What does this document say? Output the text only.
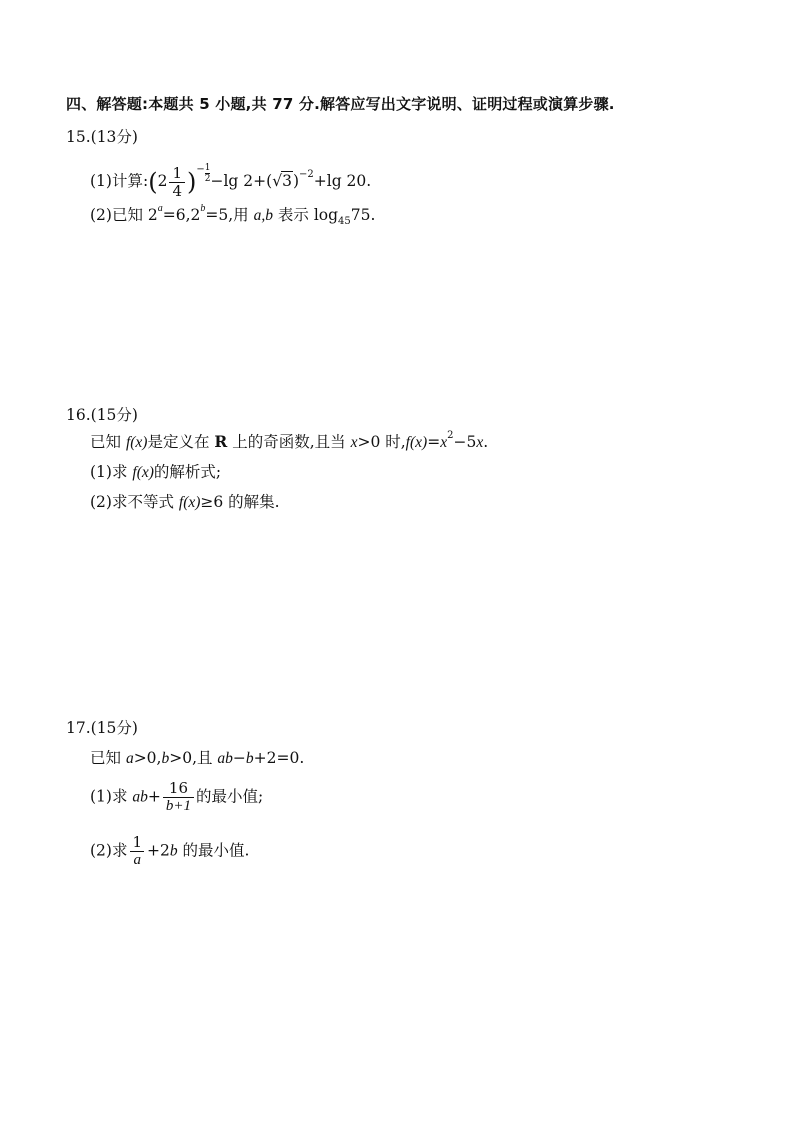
四、解答题:本题共 5 小题,共 77 分.解答应写出文字说明、证明过程或演算步骤.
15.(13分)
(1)计算:(2 $\frac{1}{4} )^- \frac{1}{2} -\lg$ $2+(√3)^{-2}+\lg$ 20.
(2)已知 $2^a=6,2^b=5$,用 a,b 表示 $\log_{45}75$.
16.(15分)
已知 f(x)是定义在 R 上的奇函数,且当 x>0 时$,f(x)=x^2-5x$.
(1)求 f(x)的解析式;
(2)求不等式 f(x)≥6 的解集.
17.(15分)
已知 a>0,b>0,且 ab−b+2=0.
(1)求 $ab+ \frac{16}{b+1}$ 的最小值;
(2)求 $\frac{1}{a} +2b$ 的最小值.
